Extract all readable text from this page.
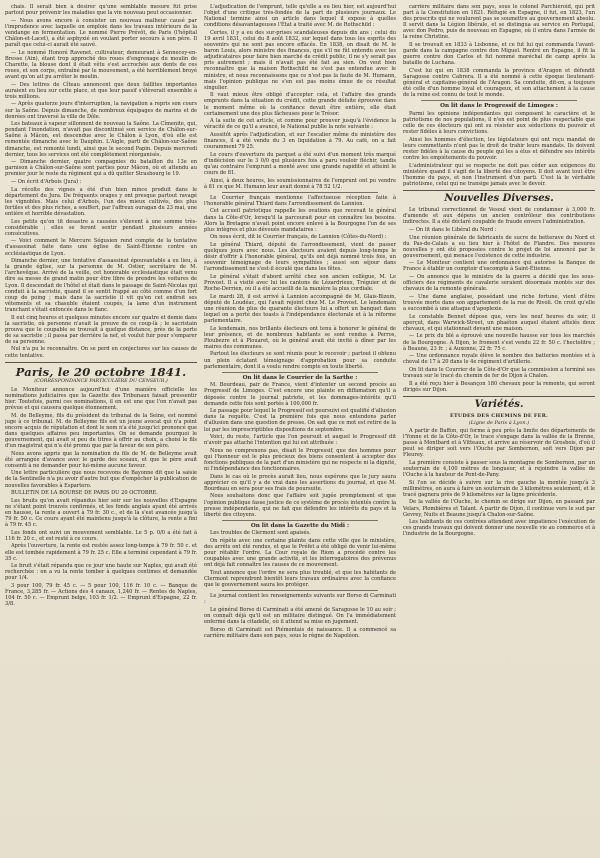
chaîs. Il serait bien à désirer qu'une semblable mesure fût prise partout pour prévenir les maladies que la vin nouveau peut occasionner.

— Nous avons encore à consister un nouveau malheur causé par l'imprudence avec laquelle on emploie dans les travaux intérieurs de la vendange en fermentation. Le nommé Pierre Prévôt, de Paris (l'hôpital Châlon-et-Lacet), a été asphyxié en voulant porter secours à son père. Il paraît que celui-ci aurait été sauvé.

— Le nommé Honoré Ravenet, cultivateur, demeurant à Sennecey-en-Bresse (Ain), étant trop approché des roues d'engrenage du moulin de Charette, la blouse dont il était vêtu s'est accrochée aux dents de ces roues, et son corps, entraîné par le mouvement, a été horriblement broyé avant qu'on ait pu arrêter le moulin.

— Des lettres de Cîteau annoncent que deux faillites importantes auraient eu lieu sur cette place, et que leur passif s'élèverait ensemble à trois millions.

— Après quatorze jours d'interruption, la navigation a repris son cours sur la Saône. Depuis dimanche, de nombreux équipages de marins et de denrées ont traversé la ville de Dôle.

Les bateaux à vapeur sillonnent de nouveau la Saône. La Cîmenite, qui, pendant l'inondation, n'avait pas discontinué son service de Châlon-sur-Saône à Mâcon, est descendue avec le Châlon à Lyon, d'où elle est remontée dimanche avec le Dauphin. L'Aigle, parti de Châlon-sur-Saône dimanche, est remonté lundi, ainsi que le second Papin. Depuis mercredi dernier, tous les services ont été complètement réorganisés.

— Dimanche dernier, quatre compagnies du bataillon du 13e en garnison à Châlon-sur-Saône sont parties pour Mâcon, où et attendu au premier jour le reste du régiment qui a dû quitter Strasbourg le 19.

— On écrit d'Arbois (Jura) :

La récolte des vignes a été d'un bien mince produit dans le département du Jura. De fréquents orages y ont presque partout ravagé les vignobles. Mais celui d'Arbois, l'un des mieux cultivés, des plus fertiles et des plus riches, a souffert, par l'affreux ouragan du 23 mai, une entière et horrible dévastation.

Les petits qu'on tit desastre a causées s'élevent à une somme très-considérable ; elles se feront sentir pendant plusieurs années consécutives.

— Voici comment le Mercure Ségusien rend compte de la tentative d'assassinat faite dans une église de Saint-Étienne contre un ecclésiastique de Lyon.

Dimanche dernier, une tentative d'assassinat épouvantable a eu lieu, à la grande église, sur la personne de M. Ostier, secrétaire de M. l'archevêque. Arrivé de la veille, cet honorable ecclésiastique était venu dire sa messe de grand matin pour être libre de prendre les voitures de Lyon. Il descendait de l'hôtel et était dans le passage de Saint-Nicolas qui conduit à la sacristie, quand il se sentit frappé au côté comme d'un fort coup de poing ; mais dans la sacristie il vit qu'en cet endroit ses vêtements et sa chasuble étaient coupés, la lame d'un instrument tranchant s'était enfoncée dans le flanc.

Il eut cinq heures et quelques minutes encore sur quatre et demie dans la sacristie, où personne n'avait la preuve de ce coup-là ; le sacristain prouva que le coupable se trouvait à quelque distance, près de la porte de sa sacristie ; il passa par derrière la nef, et voulut fuir pour s'emparer de sa personne.

Nul n'a pu le reconnaître. On se perd en conjectures sur les causes de cette tentative.

Paris, le 20 octobre 1841.
(CORRESPONDANCE PARTICULIÈRE DU CENSEUR.)

Le Moniteur annonce aujourd'hui d'une manière officielle les nominations judiciaires que la Gazette des Tribunaux faisait pressentir hier. Toutefois, parmi ces nominations, il en est une que l'on n'avait pas prévue et qui causera quelque étonnement.

M. de Belleyme, fils du président du tribunal de la Seine, est nommé juge à ce tribunal. M. de Belleyme fils est un jeune avocat qui n'a point encore acquis de réputation et dont le nom n'a été jusqu'ici prononcé que dans quelques affaires peu importantes. On se demande pourquoi le gouvernement, qui avait si peu de titres à offrir au choix, a choisi le fils d'un magistrat qui n'a été promu que par la faveur de son père.

Nous avons appris que la nomination du fils de M. de Belleyme avait été arrangée d'avance avec le garde des sceaux, et que le père avait consenti à ne demander pour lui-même aucune faveur.

Une lettre particulière que nous recevons de Bayonne dit que la saisie de la Sentinelle n'a pu avoir d'autre but que d'empêcher la publication de nouvelles favorables à Espartero.

BULLETIN DE LA BOURSE DE PARIS DU 20 OCTOBRE.

Les bruits qu'on avait répandus hier soir sur les nouvelles d'Espagne ne s'étant point trouvés confirmés, et les fonds anglais ayant été arrivés en hausse, la rente a ouvert à 79 fr. 30 c., et de là s'est avancée jusqu'à 79 fr. 50 c. Ce cours ayant été maintenu jusqu'à la clôture, la rente a fini à 79 fr. 45 c.

Les fonds ont suivi un mouvement semblable. Le 5 p. 0/0 a été fait à 116 fr. 20 c., et est resté à ce cours.

Après l'ouverture, la rente est restée assez long-temps à 79 fr. 50 c. et elle est tombée rapidement à 79 fr. 25 c. Elle a terminé cependant à 79 fr. 35 c.

Le bruit s'était répandu que ce jour une haute sur Naples, qui avait été recherchée : on a vu la rente tomber à quelques centimes et demandée pour 1/4.

3 pour 100, 79 fr. 45 c. — 5 pour 100, 116 fr. 10 c. — Banque de France, 3,285 fr. — Actions des 4 canaux, 1,240 fr. — Rentes de Naples, 104 fr. 50 c. — Emprunt belge, 103 fr. 1/2. — Emprunt d'Espagne, 22 fr. 3/8.

L'adjudication de l'emprunt, telle qu'elle a eu lieu hier, est aujourd'hui l'objet d'une critique très-fondée de la part de plusieurs journaux. Le National termine ainsi un article dans lequel il expose à quelles conditions désavantageuses l'État a traité avec M. de Rothschild :

Certes, il y a eu des sur-prises scandaleuses depuis dix ans ; celui du 19 avril 1831, celui du 8 août 1832, sur lequel dans tous les esprits des souvenirs qui ne sont pas encore effacés. En 1838, on disait de M. le baron Louis, alors ministre des finances, que s'il ne fût entendu avec les adjudicataires pour faire bien marché de crédit public, il ne s'y serait pas pris autrement ; mais il n'avait pas été fait au sien. On veut bien reconnaître que la maison Rothschild ne s'est pas entendue avec le ministre, et nous reconnaissons que ce n'est pas la faute de M. Humann, mais l'opinion publique ne s'en est pas moins émue de ce résultat singulier.

Il vaut mieux être obligé d'accepter cela, et l'affaire des grands emprunts dans la situation du crédit, cette grande défaite éprouvée dans le moment même où la confiance devait être entière, elle était certainement une des plus fâcheuses pour le Trésor.

A la suite de cet article, et comme pour prouver jusqu'à l'évidence la véracité de ce qu'il a avancé, le National publie la note suivante :

Aussitôt après l'adjudication, et sur l'escalier même du ministère des finances, il a été vendu du 3 en liquidation à 79. Au café, on a fait couramment 79 25.

Le cours d'ouverture du parquet a été suivi d'un moment très marqué d'indécision sur le 3 0/0 qui plusieurs fois a paru vouloir fléchir, tandis qu'au contraire l'emprunt a monté avec une grande rapidité et atteint le cours de 81.

Ainsi, à deux heures, les soumissionnaires de l'emprunt ont pu vendre à 81 ce que M. Humann leur avait donné à 78 52 1/2.

Le Courrier français mentionne l'affectueuse réception faite à l'honorable général Thiard dans l'arrondissement de Lannion.

Cet accueil patriotique rappelle les ovations que recevait le général dans la Côte-d'Or, lorsqu'il la parcourait pour en connaître les besoins. Alors la Bretagne n'avait point encore enlevé à la Bourgogne l'un de ses plus intègres et plus dévoués mandataires :

On nous écrit, dit le Courrier français, de Lannion (Côtes-du-Nord) :

Le général Thiard, député de l'arrondissement, vient de passer quelques jours avec nous. Les électeurs avaient depuis long-temps le désir d'offrir à l'honorable général, qu'ils ont déjà nommé trois fois, un souvenir témoignage de leurs sympathies ; aussi son séjour dans l'arrondissement ne s'est-il écoulé que dans les fêtes.

Le général s'était d'abord arrêté chez son ancien collègue, M. Le Provost. Il a visité avec lui les cantons de Lézardrieux, Tréguier et de Roche-Derrien, où il a été accueilli de la manière la plus cordiale.

Le mardi 28, il est arrivé à Lannion accompagné de M. Glais-Bizoin, député de Loudéac, qui l'avait rejoint chez M. Le Provost. Le lendemain une réunion de plus de quarante électeurs lui a offert un banquet dans lequel on a porté des toasts à l'indépendance électorale et à la réforme parlementaire.

Le lendemain, nos brillants électeurs ont tenu à honorer le général de leur présence, et de nombreux habitants se sont rendus à Perros, Ploubezre et à Plouaret, où le général avait été invité à dîner par les maires des communes.

Partout les électeurs se sont réunis pour le recevoir ; partout il obtenu un plein éclatant témoignage d'approbation pour sa conduite parlementaire, dont il a voulu rendre compte en toute liberté.

On lit dans le Courrier de la Sarthe :

M. Bourdeau, pair de France, vient d'intenter un second procès au Progressif de Limoges. C'est encore une plainte en diffamation qu'il a déposée contre le journal patriote, et les dommages-intérêts qu'il demande cette fois sont portés à 100,000 fr.

Le passage pour lequel le Progressif est poursuivi est qualifié d'allusion dans la requête. C'est la première fois que nous entendons parler d'allusion dans une question de presse. On sait que ce mot est retiré de la loi par les imprescriptibles dispositions de septembre.

Voici, du reste, l'article que l'on poursuit et auquel le Progressif dit n'avoir pas attaché l'intention qui lui est attribuée :

Nous ne comprenons pas, disait le Progressif, que des hommes pour qui l'honneur est le plus précieux des biens consentent à accepter des fonctions publiques de la part d'un ministère qui ne respecte ni la dignité, ni l'indépendance des fonctionnaires.

Dans le cas où le procès aurait lieu, nous espérons que le jury saura apprécier ce qu'il y a de vrai dans les assertions du journal, et que M. Bourdeau en sera pour ses frais de poursuite.

Nous souhaitons donc que l'affaire soit jugée promptement et que l'opinion publique fasse justice de ce système de procès intentés contre la presse indépendante, qui ne fait que défendre les intérêts du pays et la liberté des citoyens.

On lit dans la Gazette du Midi :

Les troubles de Clermont sont apaisés.

On répète avec une certaine plainte dans cette ville que le ministère, des arrêts ont été rendus, et que le Préfet a été obligé de venir lui-même pour rétablir l'ordre. La Cour royale de Riom a procédé contre les coupables avec une grande activité, et les interrogatoires des prévenus ont déjà fait connaître les causes de ce mouvement.

Tout annonce que l'ordre ne sera plus troublé, et que les habitants de Clermont reprendront bientôt leurs travaux ordinaires avec la confiance que le gouvernement saura les protéger.

Le journal contient les renseignements suivants sur Borso di Carminati :

Le général Borso di Carminati a été amené de Saragosse le 10 au soir ; on connaît déjà qu'il est un militaire distingué. On l'a immédiatement enfermé dans la citadelle, où il attend sa mise en jugement.

Borso di Carminati est Piémontais de naissance. Il a commencé sa carrière militaire dans son pays, sous le règne de Napoléon.

carrière militaire dans son pays, sous le colonel Parchiéroid, qui prit part à la Constitution en 1821. Réfugié en Espagne, il fut, en 1823, l'un des proscrits qui ne voulurent pas se soumettre au gouvernement absolu. Il servit dans la Légion libérale, et se distingua au service en Portugal, avec don Pedro, puis de nouveau en Espagne, où il entra dans l'armée de la reine Christine.

Il se trouvait en 1833 à Lisbonne, et ce fut lui qui commanda l'avant-garde dans la campagne contre don Miguel. Rentré en Espagne, il fit la guerre contre don Carlos et fut nommé maréchal de camp après la bataille de Luchana.

C'est lui qui en 1838 commanda la province d'Aragon et défendit Saragosse contre Cabrera. Il a été nommé à cette époque lieutenant-général et capitaine-général de l'Aragon. Sa conduite, dit-on, a toujours été celle d'un homme loyal et courageux, et son attachement à la cause de la reine est connu de tout le monde.

On lit dans le Progressif de Limoges :

Parmi les opinions indépendantes qui composent le caractère et le patriotisme de nos populations, il n'en est point de plus respectable que celle de ces électeurs qui ont su résister aux séductions du pouvoir et rester fidèles à leurs convictions.

Ainsi les hommes d'élection, les législateurs qui ont reçu mandat de leurs commettants n'ont pas le droit de trahir leurs mandats. Ils doivent rester fidèles à la cause du peuple qui les a élus et défendre ses intérêts contre les empiétements du pouvoir.

L'administrateur qui se respecte ne doit pas céder aux exigences du ministère quand il s'agit de la liberté des citoyens. Il doit avant tout être l'homme du pays, et non l'instrument d'un parti. C'est là le véritable patriotisme, celui qui ne transige jamais avec le devoir.

Nouvelles Diverses.

Le tribunal correctionnel de Vesoul vient de condamner à 3,000 fr. d'amende et aux dépens un ancien contrôleur des contributions indirectes. Il a été déclaré coupable de fraude envers l'administration.

— On lit dans le Libéral du Nord :

Une réunion générale de fabricants de sucre de betterave du Nord et du Pas-de-Calais a eu lieu hier à l'hôtel de Flandre. Des mesures nouvelles y ont été proposées contre le projet de loi annoncé par le gouvernement, qui menace l'existence de cette industrie.

— Le Moniteur contient une ordonnance qui autorise la Banque de France à établir un comptoir d'escompte à Saint-Étienne.

— On annonce que le ministre de la guerre a décidé que les sous-officiers des régiments de cavalerie seraient désormais montés sur des chevaux de la remonte générale.

— Une dame anglaise, possédant une riche fortune, vient d'être trouvée morte dans son appartement de la rue de Rivoli. On croit qu'elle a succombé à une attaque d'apoplexie.

Le constable Bennet dépose que, vers les neuf heures du soir, il aperçut, dans Warwick-Street, un phaéton auquel étaient attelés deux chevaux, et qui stationnait devant une maison.

— Le prix du blé a éprouvé une nouvelle hausse sur tous les marchés de la Bourgogne. A Dijon, le froment s'est vendu 22 fr. 50 c. l'hectolitre ; à Beaune, 23 fr. ; à Auxonne, 22 fr. 75 c.

— Une ordonnance royale élève le nombre des batteries montées et à cheval de 17 à 20 dans le 4e régiment d'artillerie.

On lit dans le Courrier de la Côte-d'Or que la commission a terminé ses travaux sur le tracé du chemin de fer de Dijon à Chalon.

Il a été reçu hier à Besançon 180 chevaux pour la remonte, qui seront dirigés sur Dijon.

Variétés.
ÉTUDES DES CHEMINS DE FER.
(Ligne de Paris à Lyon.)

A partir de Baffon, qui forme à peu près la limite des départements de l'Yonne et de la Côte-d'Or, le tracé s'engage dans la vallée de la Brenne, passe à Montbard et à Vitteaux, et arrive au réservoir de Grosbois, d'où il peut se diriger soit vers l'Ouche par Sombernon, soit vers Dijon par Fleurey.

La première consiste à passer sous la montagne de Sombernon, par un souterrain de 4,100 mètres de longueur, et à rejoindre la vallée de l'Ouche à la hauteur de Pont-de-Pany.

Si l'on se décide à suivre sur la rive gauche la montée jusqu'à 3 millimètres, on aura à faire un souterrain de 3 kilomètres seulement, et le tracé gagnera près de 9 kilomètres sur la ligne précédente.

De la vallée de l'Ouche, le chemin se dirige sur Dijon, en passant par Velars, Plombières et Talant. A partir de Dijon, il continue vers le sud par Gevrey, Nuits et Beaune jusqu'à Chalon-sur-Saône.

Les habitants de ces contrées attendent avec impatience l'exécution de ces grands travaux qui doivent donner une nouvelle vie au commerce et à l'industrie de la Bourgogne.
